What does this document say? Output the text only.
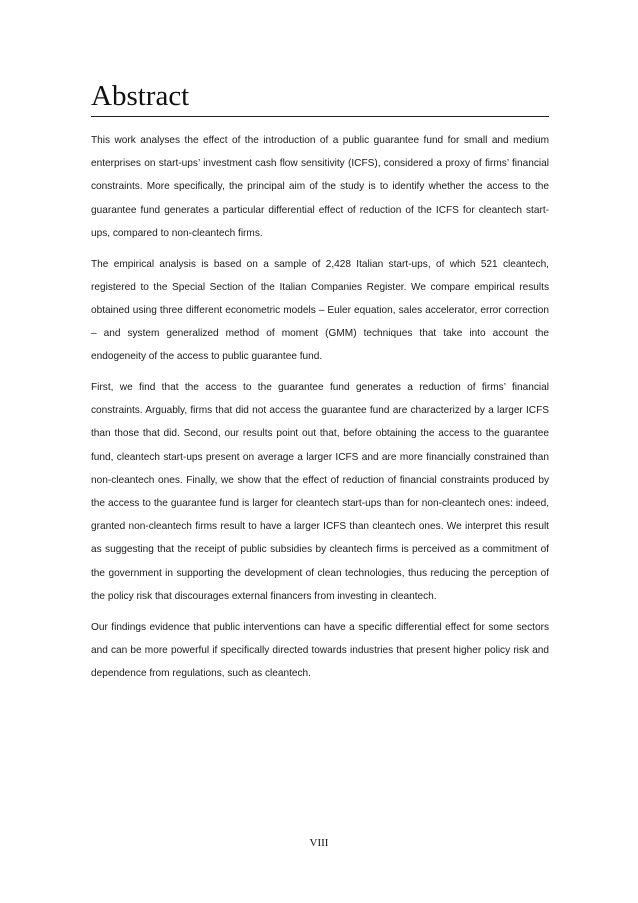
Abstract

This work analyses the effect of the introduction of a public guarantee fund for small and medium enterprises on start-ups’ investment cash flow sensitivity (ICFS), considered a proxy of firms’ financial constraints. More specifically, the principal aim of the study is to identify whether the access to the guarantee fund generates a particular differential effect of reduction of the ICFS for cleantech start-ups, compared to non-cleantech firms.

The empirical analysis is based on a sample of 2,428 Italian start-ups, of which 521 cleantech, registered to the Special Section of the Italian Companies Register. We compare empirical results obtained using three different econometric models – Euler equation, sales accelerator, error correction – and system generalized method of moment (GMM) techniques that take into account the endogeneity of the access to public guarantee fund.

First, we find that the access to the guarantee fund generates a reduction of firms’ financial constraints. Arguably, firms that did not access the guarantee fund are characterized by a larger ICFS than those that did. Second, our results point out that, before obtaining the access to the guarantee fund, cleantech start-ups present on average a larger ICFS and are more financially constrained than non-cleantech ones. Finally, we show that the effect of reduction of financial constraints produced by the access to the guarantee fund is larger for cleantech start-ups than for non-cleantech ones: indeed, granted non-cleantech firms result to have a larger ICFS than cleantech ones. We interpret this result as suggesting that the receipt of public subsidies by cleantech firms is perceived as a commitment of the government in supporting the development of clean technologies, thus reducing the perception of the policy risk that discourages external financers from investing in cleantech.

Our findings evidence that public interventions can have a specific differential effect for some sectors and can be more powerful if specifically directed towards industries that present higher policy risk and dependence from regulations, such as cleantech.

VIII
